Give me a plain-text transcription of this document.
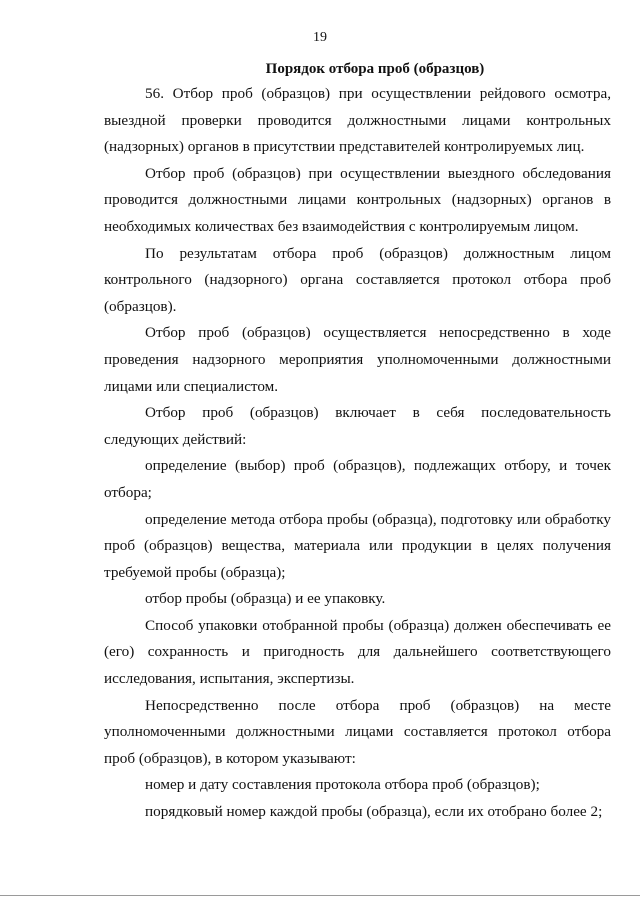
19
Порядок отбора проб (образцов)

56. Отбор проб (образцов) при осуществлении рейдового осмотра, выездной проверки проводится должностными лицами контрольных (надзорных) органов в присутствии представителей контролируемых лиц.

Отбор проб (образцов) при осуществлении выездного обследования проводится должностными лицами контрольных (надзорных) органов в необходимых количествах без взаимодействия с контролируемым лицом.

По результатам отбора проб (образцов) должностным лицом контрольного (надзорного) органа составляется протокол отбора проб (образцов).

Отбор проб (образцов) осуществляется непосредственно в ходе проведения надзорного мероприятия уполномоченными должностными лицами или специалистом.

Отбор проб (образцов) включает в себя последовательность следующих действий:

определение (выбор) проб (образцов), подлежащих отбору, и точек отбора;

определение метода отбора пробы (образца), подготовку или обработку проб (образцов) вещества, материала или продукции в целях получения требуемой пробы (образца);

отбор пробы (образца) и ее упаковку.

Способ упаковки отобранной пробы (образца) должен обеспечивать ее (его) сохранность и пригодность для дальнейшего соответствующего исследования, испытания, экспертизы.

Непосредственно после отбора проб (образцов) на месте уполномоченными должностными лицами составляется протокол отбора проб (образцов), в котором указывают:

номер и дату составления протокола отбора проб (образцов);

порядковый номер каждой пробы (образца), если их отобрано более 2;
